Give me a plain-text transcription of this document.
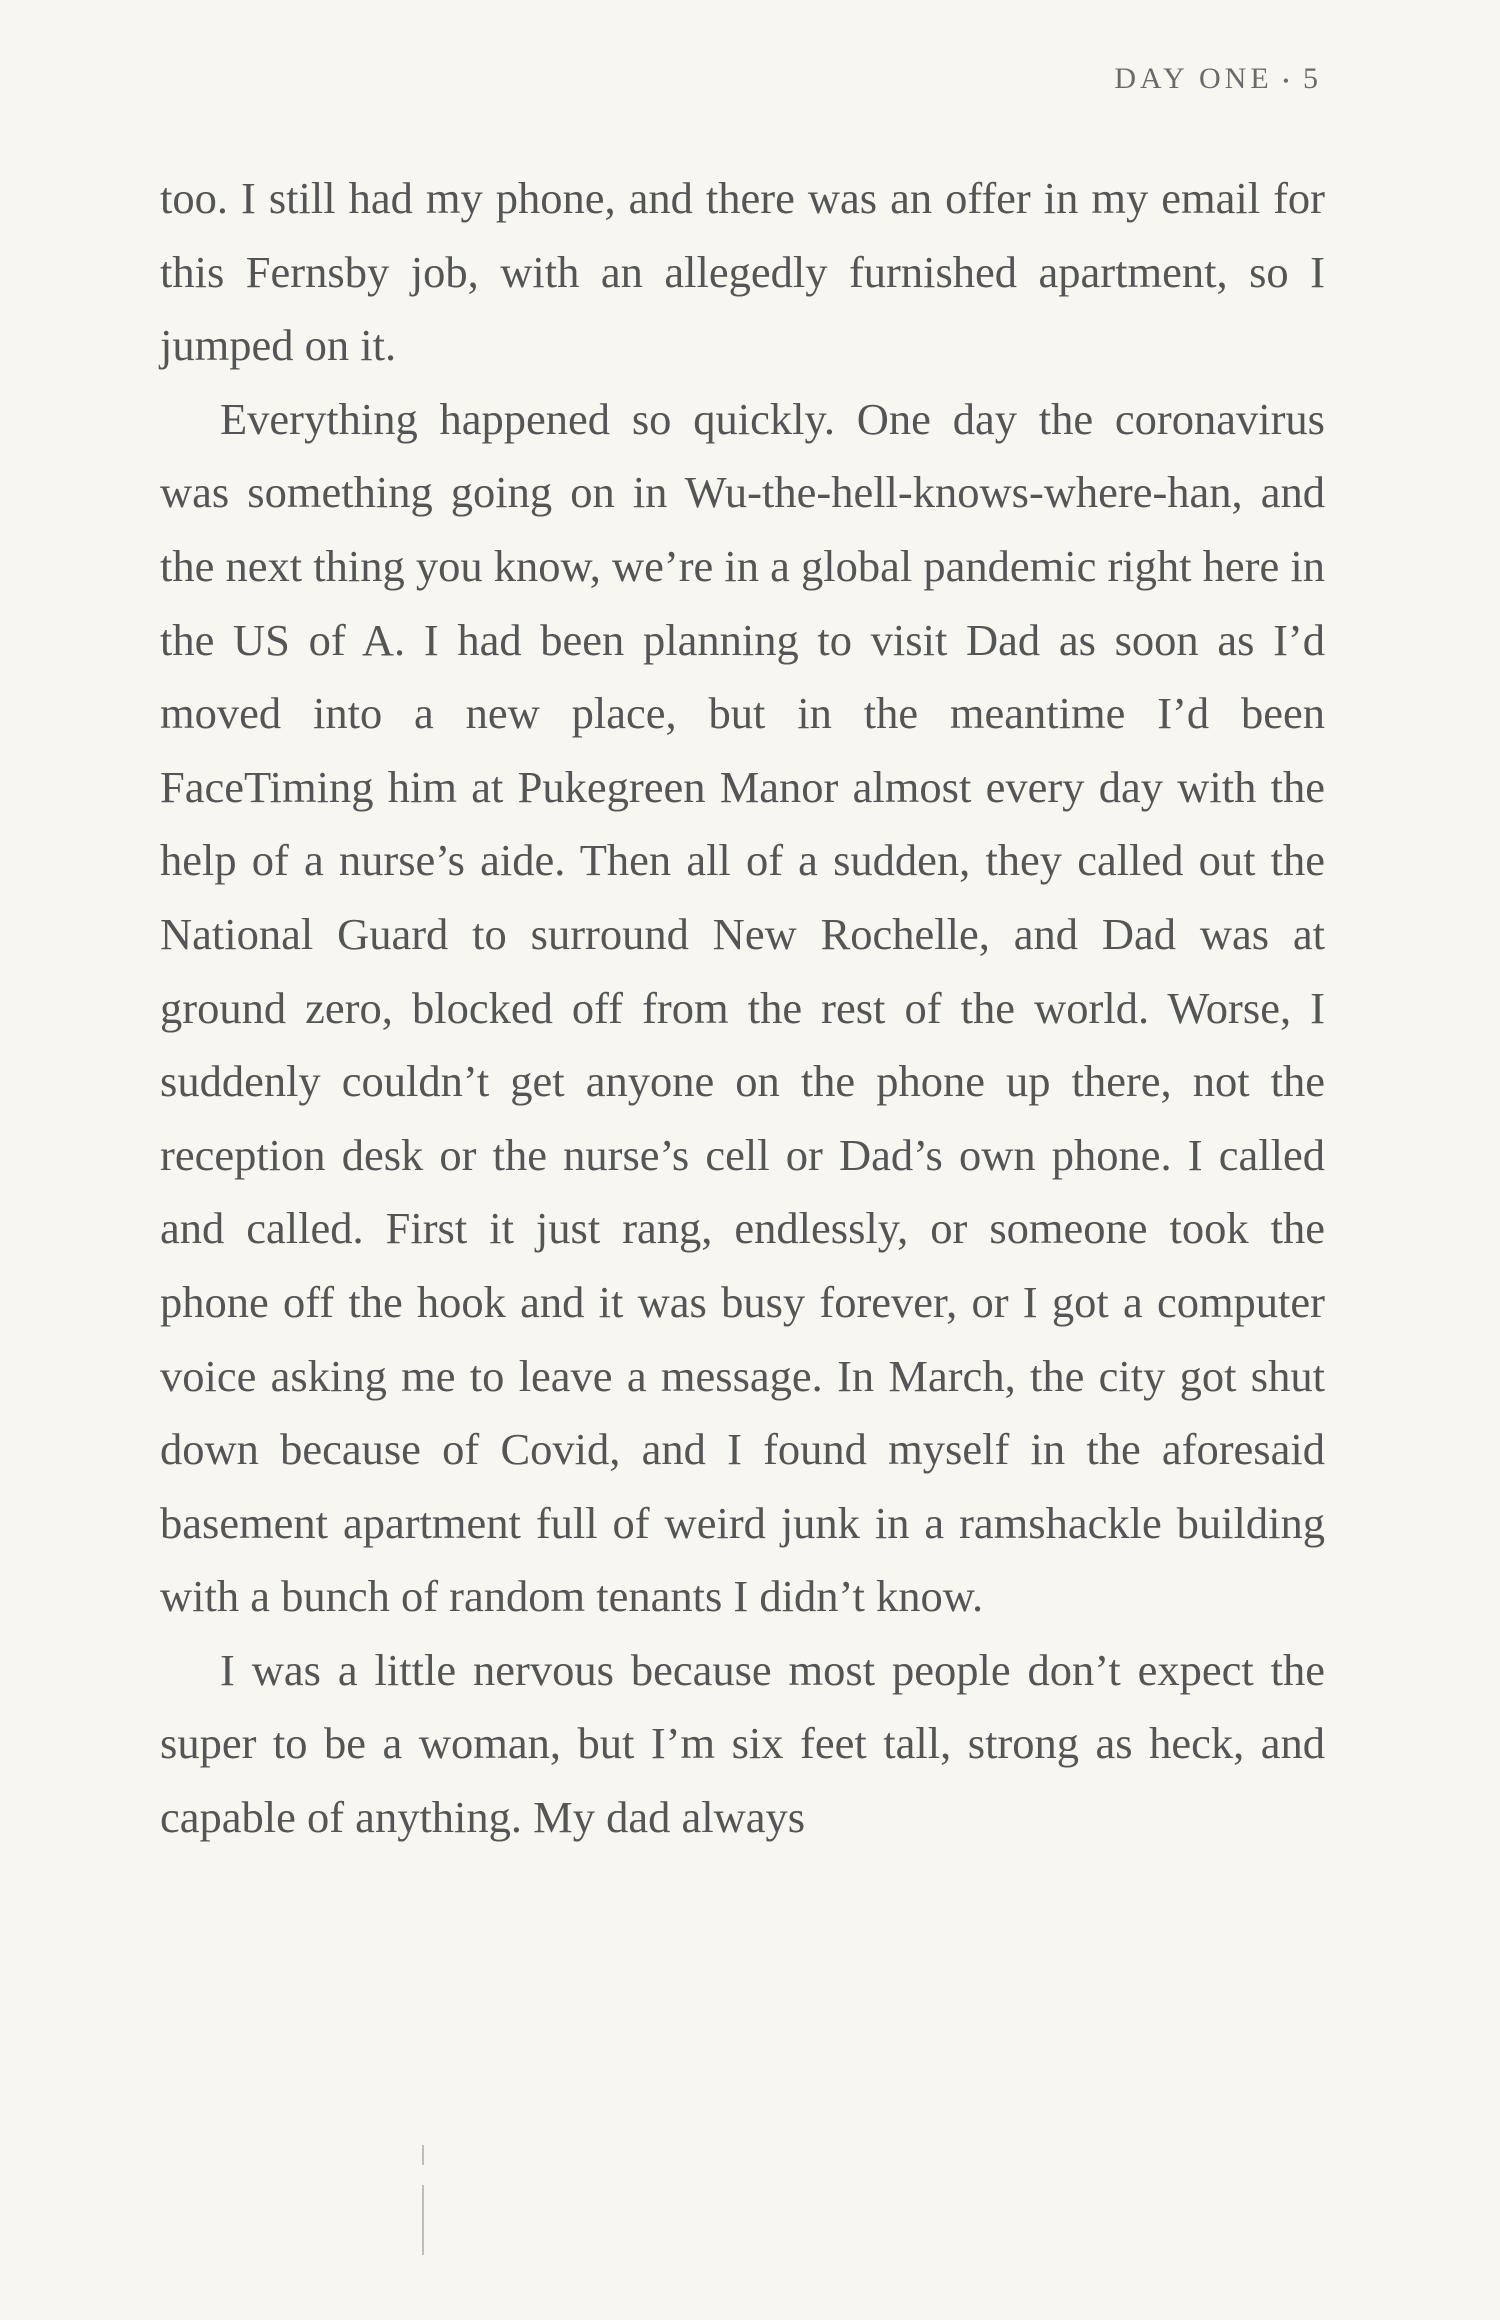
DAY ONE • 5

too. I still had my phone, and there was an offer in my email for this Fernsby job, with an allegedly furnished apartment, so I jumped on it.

Everything happened so quickly. One day the coronavirus was something going on in Wu-the-hell-knows-where-han, and the next thing you know, we’re in a global pandemic right here in the US of A. I had been planning to visit Dad as soon as I’d moved into a new place, but in the meantime I’d been FaceTiming him at Pukegreen Manor almost every day with the help of a nurse’s aide. Then all of a sudden, they called out the National Guard to surround New Rochelle, and Dad was at ground zero, blocked off from the rest of the world. Worse, I suddenly couldn’t get anyone on the phone up there, not the reception desk or the nurse’s cell or Dad’s own phone. I called and called. First it just rang, endlessly, or someone took the phone off the hook and it was busy forever, or I got a computer voice asking me to leave a message. In March, the city got shut down because of Covid, and I found myself in the aforesaid basement apartment full of weird junk in a ramshackle building with a bunch of random tenants I didn’t know.

I was a little nervous because most people don’t expect the super to be a woman, but I’m six feet tall, strong as heck, and capable of anything. My dad always
